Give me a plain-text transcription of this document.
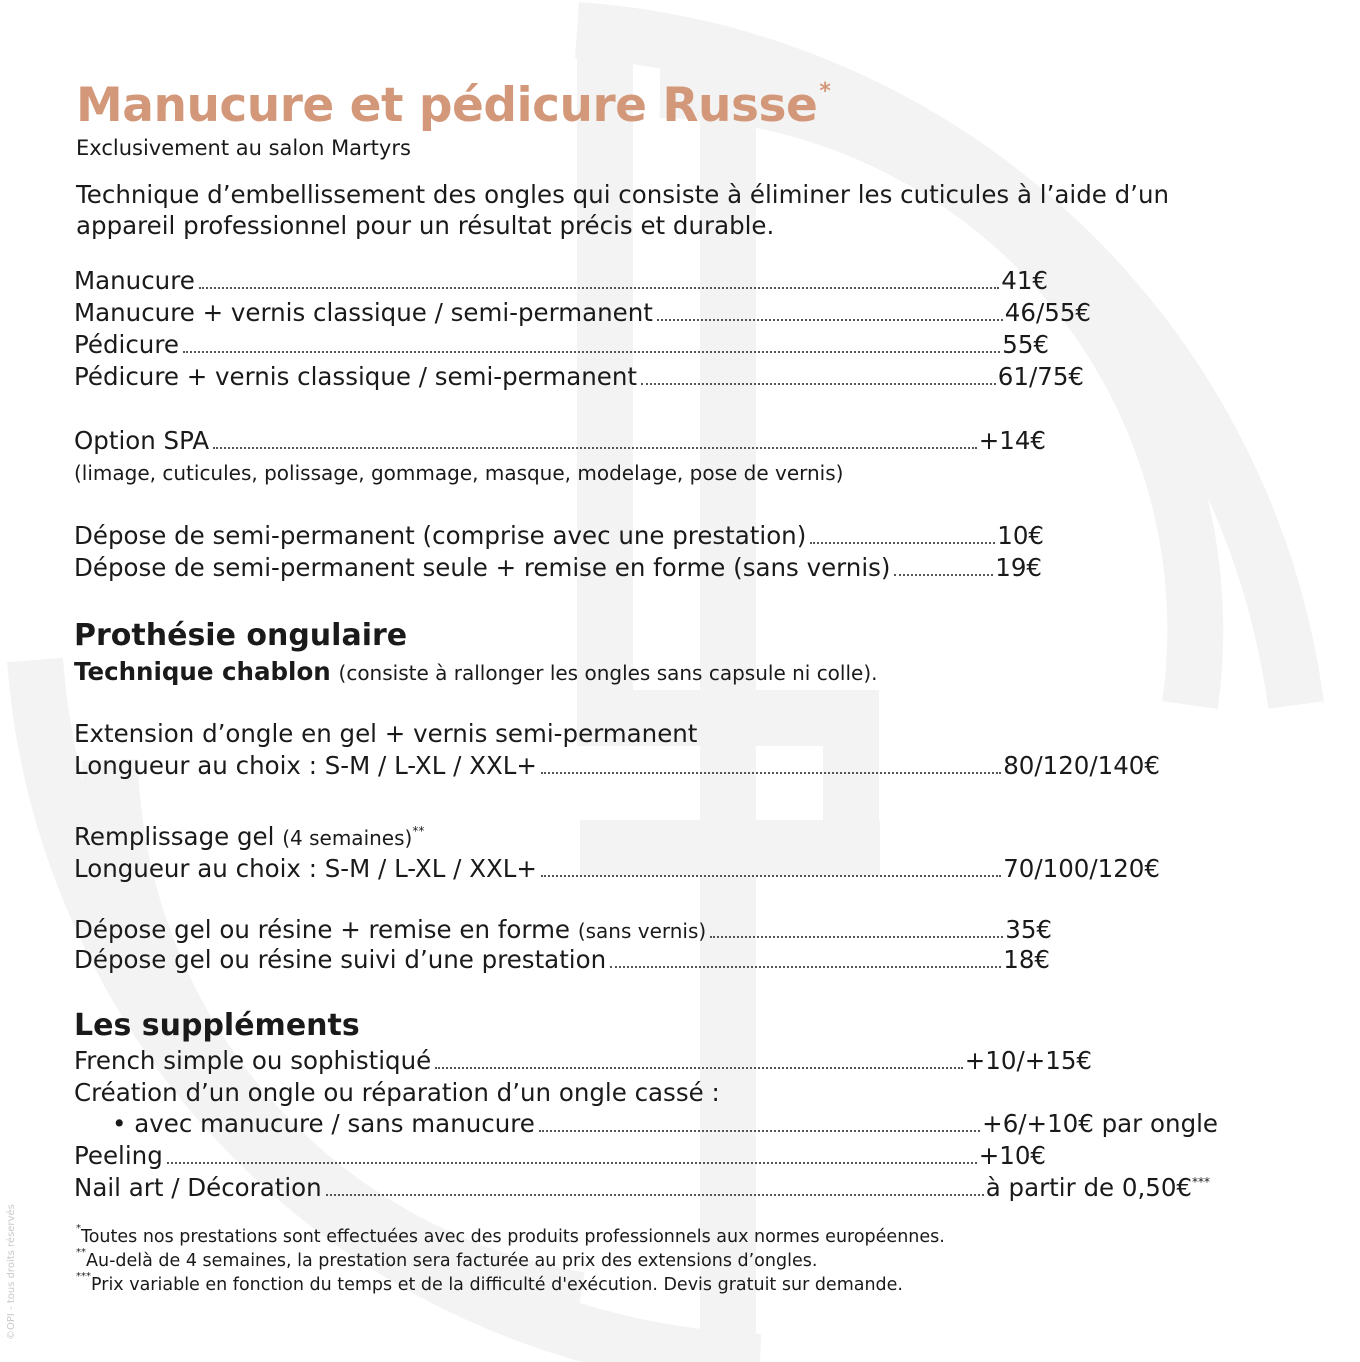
Manucure et pédicure Russe*
Exclusivement au salon Martyrs
Technique d’embellissement des ongles qui consiste à éliminer les cuticules à l’aide d’un appareil professionnel pour un résultat précis et durable.
Manucure	41€
Manucure + vernis classique / semi-permanent	46/55€
Pédicure	55€
Pédicure + vernis classique / semi-permanent	61/75€
Option SPA	+14€
(limage, cuticules, polissage, gommage, masque, modelage, pose de vernis)
Dépose de semi-permanent (comprise avec une prestation)	10€
Dépose de semi-permanent seule + remise en forme (sans vernis)	19€
Prothésie ongulaire
Technique chablon (consiste à rallonger les ongles sans capsule ni colle).
Extension d’ongle en gel + vernis semi-permanent
Longueur au choix : S-M / L-XL / XXL+	80/120/140€
Remplissage gel (4 semaines)**
Longueur au choix : S-M / L-XL / XXL+	70/100/120€
Dépose gel ou résine + remise en forme (sans vernis)	35€
Dépose gel ou résine suivi d’une prestation	18€
Les suppléments
French simple ou sophistiqué	+10/+15€
Création d’un ongle ou réparation d’un ongle cassé :
• avec manucure / sans manucure	+6/+10€ par ongle
Peeling	+10€
Nail art / Décoration	à partir de 0,50€***
*Toutes nos prestations sont effectuées avec des produits professionnels aux normes européennes.
**Au-delà de 4 semaines, la prestation sera facturée au prix des extensions d’ongles.
***Prix variable en fonction du temps et de la difficulté d'exécution. Devis gratuit sur demande.
©OPI - tous droits réservés
